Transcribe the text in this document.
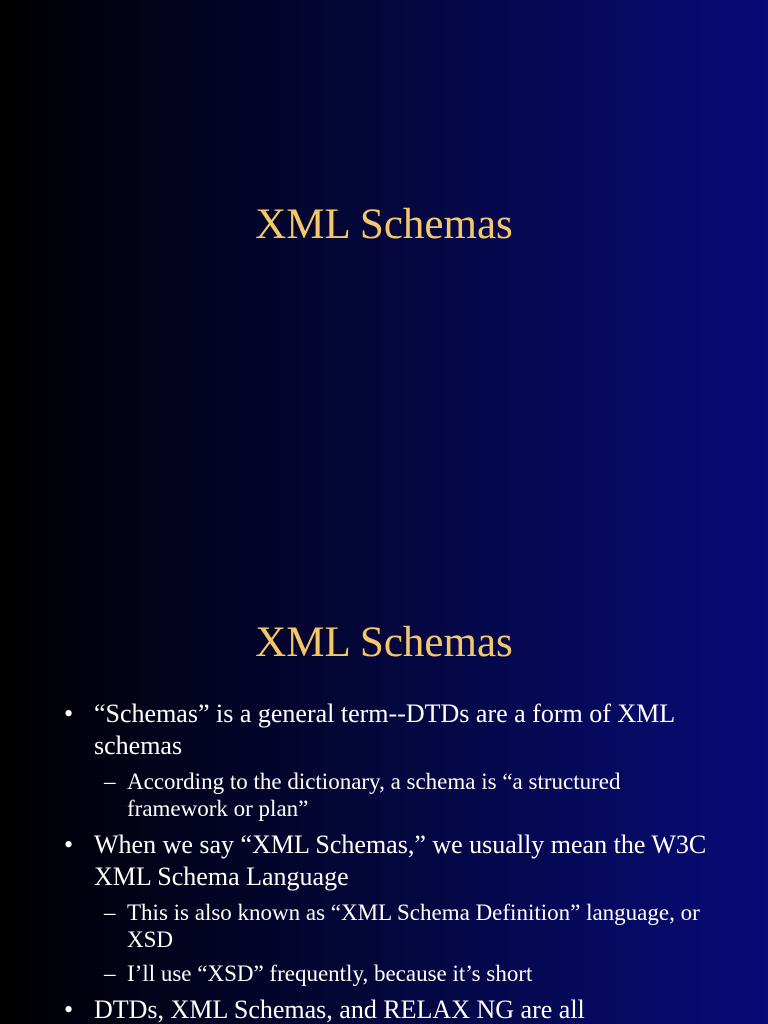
XML Schemas
XML Schemas
• “Schemas” is a general term--DTDs are a form of XML schemas
– According to the dictionary, a schema is “a structured framework or plan”
• When we say “XML Schemas,” we usually mean the W3C XML Schema Language
– This is also known as “XML Schema Definition” language, or XSD
– I’ll use “XSD” frequently, because it’s short
• DTDs, XML Schemas, and RELAX NG are all
